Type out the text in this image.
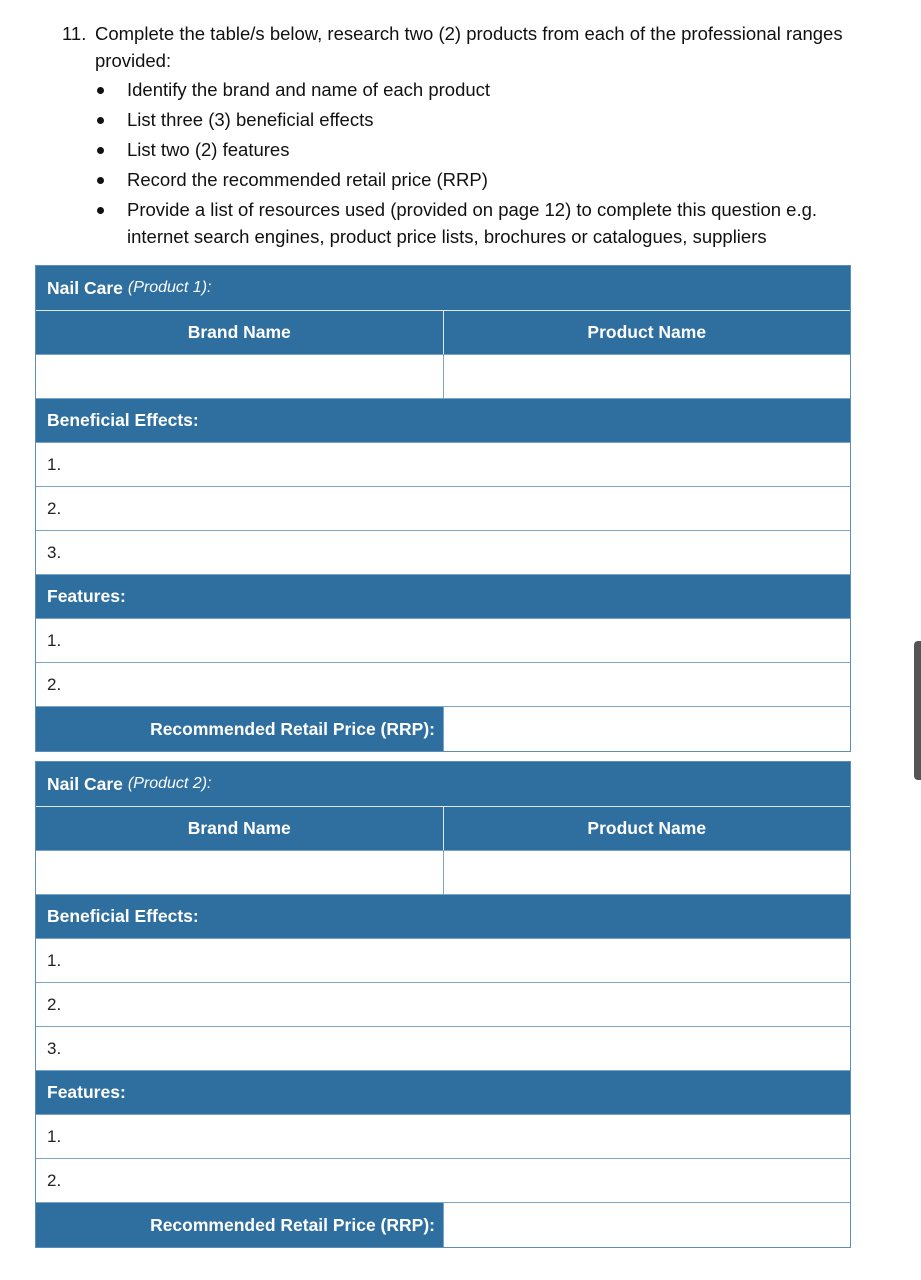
11. Complete the table/s below, research two (2) products from each of the professional ranges provided:
Identify the brand and name of each product
List three (3) beneficial effects
List two (2) features
Record the recommended retail price (RRP)
Provide a list of resources used (provided on page 12) to complete this question e.g. internet search engines, product price lists, brochures or catalogues, suppliers
Nail Care (Product 1):
Brand Name	Product Name
Beneficial Effects:
1.
2.
3.
Features:
1.
2.
Recommended Retail Price (RRP):
Nail Care (Product 2):
Brand Name	Product Name
Beneficial Effects:
1.
2.
3.
Features:
1.
2.
Recommended Retail Price (RRP):
